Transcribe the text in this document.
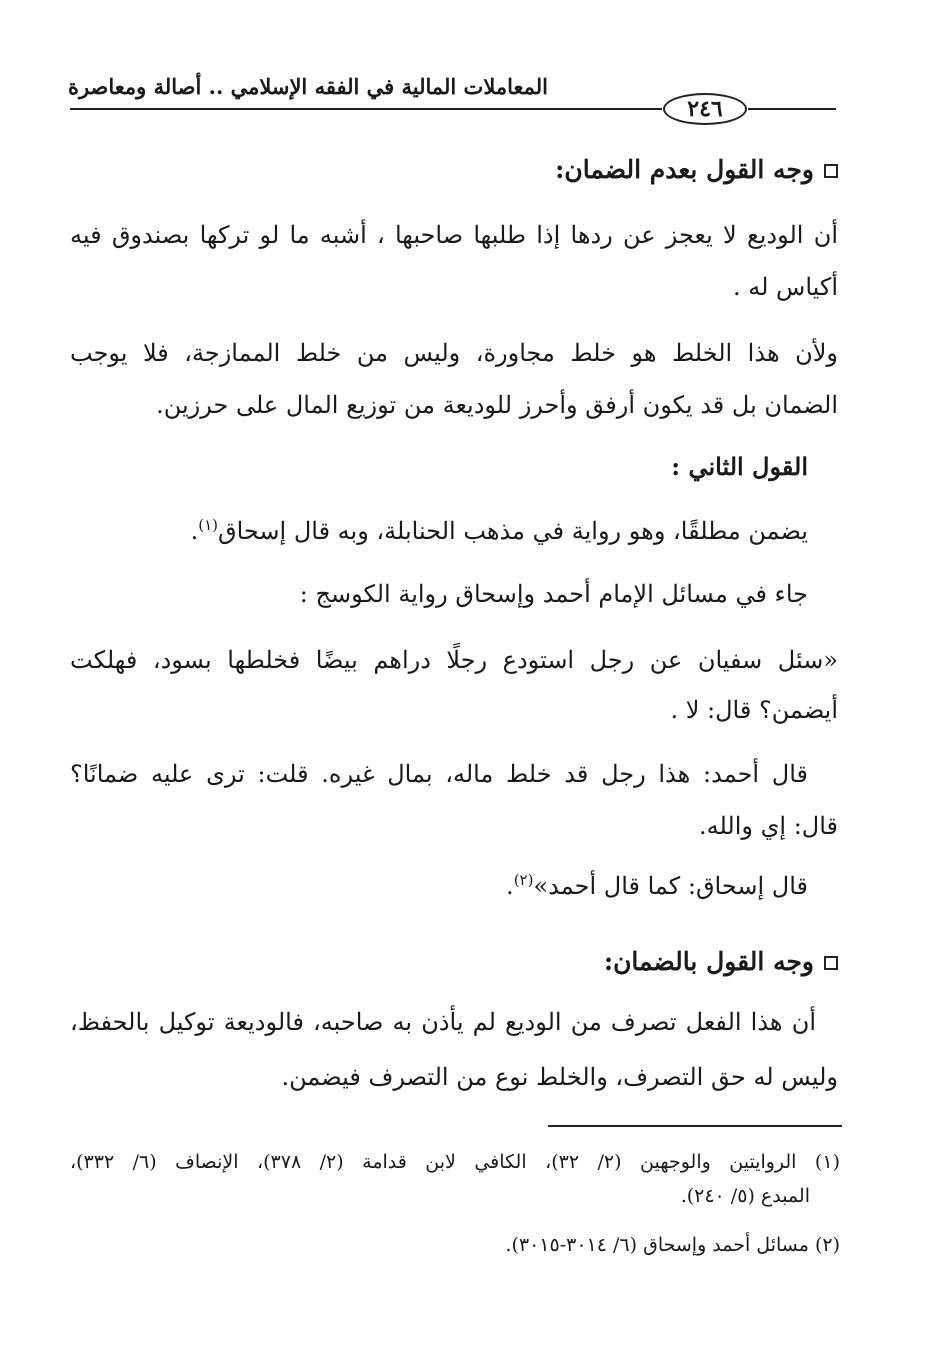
المعاملات المالية في الفقه الإسلامي .. أصالة ومعاصرة
٢٤٦
وجه القول بعدم الضمان:
أن الوديع لا يعجز عن ردها إذا طلبها صاحبها ، أشبه ما لو تركها بصندوق فيه
أكياس له .
ولأن هذا الخلط هو خلط مجاورة، وليس من خلط الممازجة، فلا يوجب
الضمان بل قد يكون أرفق وأحرز للوديعة من توزيع المال على حرزين.
القول الثاني :
يضمن مطلقًا، وهو رواية في مذهب الحنابلة، وبه قال إسحاق$^{(١)}$.
جاء في مسائل الإمام أحمد وإسحاق رواية الكوسج :
«سئل سفيان عن رجل استودع رجلًا دراهم بيضًا فخلطها بسود، فهلكت
أيضمن؟ قال: لا .
قال أحمد: هذا رجل قد خلط ماله، بمال غيره. قلت: ترى عليه ضمانًا؟
قال: إي والله.
قال إسحاق: كما قال أحمد»$^{(٢)}$.
وجه القول بالضمان:
أن هذا الفعل تصرف من الوديع لم يأذن به صاحبه، فالوديعة توكيل بالحفظ،
وليس له حق التصرف، والخلط نوع من التصرف فيضمن.
(١) الروايتين والوجهين (٢/ ٣٢)، الكافي لابن قدامة (٢/ ٣٧٨)، الإنصاف (٦/ ٣٣٢)،
المبدع (٥/ ٢٤٠).
(٢) مسائل أحمد وإسحاق (٦/ ٣٠١٤-٣٠١٥).
